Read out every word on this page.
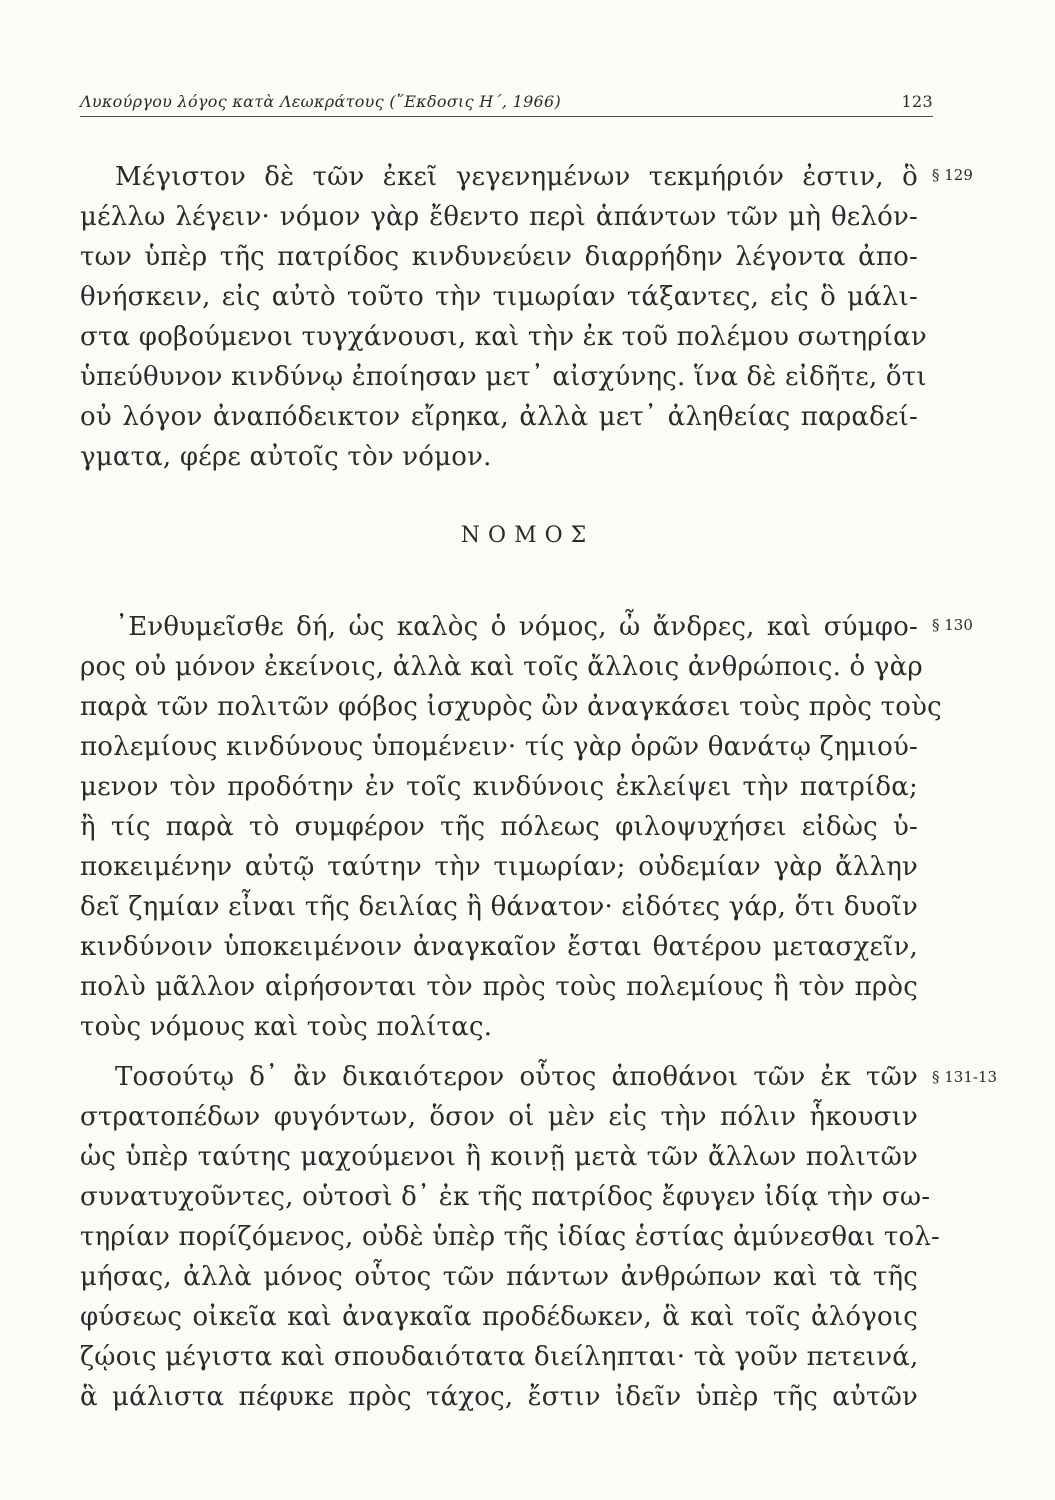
Λυκούργου λόγος κατὰ Λεωκράτους (῞Εκδοσις Η΄, 1966)	123
§ 129
Μέγιστον δὲ τῶν ἐκεῖ γεγενημένων τεκμήριόν ἐστιν, ὃ
μέλλω λέγειν· νόμον γὰρ ἔθεντο περὶ ἁπάντων τῶν μὴ θελόν-
των ὑπὲρ τῆς πατρίδος κινδυνεύειν διαρρήδην λέγοντα ἀπο-
θνήσκειν, εἰς αὐτὸ τοῦτο τὴν τιμωρίαν τάξαντες, εἰς ὃ μάλι-
στα φοβούμενοι τυγχάνουσι, καὶ τὴν ἐκ τοῦ πολέμου σωτηρίαν
ὑπεύθυνον κινδύνῳ ἐποίησαν μετ᾽ αἰσχύνης. ἵνα δὲ εἰδῆτε, ὅτι
οὐ λόγον ἀναπόδεικτον εἴρηκα, ἀλλὰ μετ᾽ ἀληθείας παραδεί-
γματα, φέρε αὐτοῖς τὸν νόμον.
ΝΟΜΟΣ
§ 130
᾽Ενθυμεῖσθε δή, ὡς καλὸς ὁ νόμος, ὦ ἄνδρες, καὶ σύμφο-
ρος οὐ μόνον ἐκείνοις, ἀλλὰ καὶ τοῖς ἄλλοις ἀνθρώποις. ὁ γὰρ
παρὰ τῶν πολιτῶν φόβος ἰσχυρὸς ὢν ἀναγκάσει τοὺς πρὸς τοὺς
πολεμίους κινδύνους ὑπομένειν· τίς γὰρ ὁρῶν θανάτῳ ζημιού-
μενον τὸν προδότην ἐν τοῖς κινδύνοις ἐκλείψει τὴν πατρίδα;
ἢ τίς παρὰ τὸ συμφέρον τῆς πόλεως φιλοψυχήσει εἰδὼς ὑ-
ποκειμένην αὐτῷ ταύτην τὴν τιμωρίαν; οὐδεμίαν γὰρ ἄλλην
δεῖ ζημίαν εἶναι τῆς δειλίας ἢ θάνατον· εἰδότες γάρ, ὅτι δυοῖν
κινδύνοιν ὑποκειμένοιν ἀναγκαῖον ἔσται θατέρου μετασχεῖν,
πολὺ μᾶλλον αἱρήσονται τὸν πρὸς τοὺς πολεμίους ἢ τὸν πρὸς
τοὺς νόμους καὶ τοὺς πολίτας.
§ 131-13
Τοσούτῳ δ᾽ ἂν δικαιότερον οὗτος ἀποθάνοι τῶν ἐκ τῶν
στρατοπέδων φυγόντων, ὅσον οἱ μὲν εἰς τὴν πόλιν ἧκουσιν
ὡς ὑπὲρ ταύτης μαχούμενοι ἢ κοινῇ μετὰ τῶν ἄλλων πολιτῶν
συνατυχοῦντες, οὑτοσὶ δ᾽ ἐκ τῆς πατρίδος ἔφυγεν ἰδίᾳ τὴν σω-
τηρίαν πορίζόμενος, οὐδὲ ὑπὲρ τῆς ἰδίας ἑστίας ἀμύνεσθαι τολ-
μήσας, ἀλλὰ μόνος οὗτος τῶν πάντων ἀνθρώπων καὶ τὰ τῆς
φύσεως οἰκεῖα καὶ ἀναγκαῖα προδέδωκεν, ἃ καὶ τοῖς ἀλόγοις
ζῴοις μέγιστα καὶ σπουδαιότατα διείληπται· τὰ γοῦν πετεινά,
ἃ μάλιστα πέφυκε πρὸς τάχος, ἔστιν ἰδεῖν ὑπὲρ τῆς αὐτῶν
